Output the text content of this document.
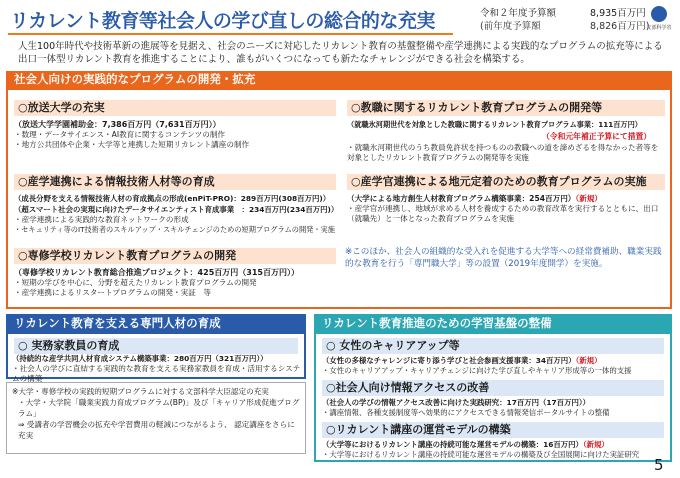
リカレント教育等社会人の学び直しの総合的な充実	令和２年度予算額	8,935百万円
(前年度予算額	8,826百万円)
文部科学省
人生100年時代や技術革新の進展等を見据え、社会のニーズに対応したリカレント教育の基盤整備や産学連携による実践的なプログラムの拡充等による出口一体型リカレント教育を推進することにより、誰もがいくつになっても新たなチャレンジができる社会を構築する。
社会人向けの実践的なプログラムの開発・拡充
○放送大学の充実
（放送大学学園補助金：7,386百万円（7,631百万円））
・数理・データサイエンス・AI教育に関するコンテンツの制作
・地方公共団体や企業・大学等と連携した短期リカレント講座の制作
○産学連携による情報技術人材等の育成
（成長分野を支える情報技術人材の育成拠点の形成(enPiT-PRO)：289百万円(308百万円)）
（超スマート社会の実現に向けたデータサイエンティスト育成事業　：234百万円(234百万円)）
・産学連携による実践的な教育ネットワークの形成
・セキュリティ等のIT技術者のスキルアップ・スキルチェンジのための短期プログラムの開発・実施
○専修学校リカレント教育プログラムの開発
（専修学校リカレント教育総合推進プロジェクト：425百万円（315百万円））
・短期の学びを中心に、分野を超えたリカレント教育プログラムの開発
・産学連携によるリスタートプログラムの開発・実証　等
○教職に関するリカレント教育プログラムの開発等
（就職氷河期世代を対象とした教職に関するリカレント教育プログラム事業：111百万円）
・就職氷河期世代のうち教員免許状を持つものの教職への道を諦めざるを得なかった者等を対象としたリカレント教育プログラムの開発等を実施
（令和元年補正予算にて措置）
○産学官連携による地元定着のための教育プログラムの実施
（大学による地方創生人材教育プログラム構築事業：254百万円）（新規）
・産学官が連携し、地域が求める人材を養成するための教育改革を実行するとともに、出口（就職先）と一体となった教育プログラムを実施
※このほか、社会人の組織的な受入れを促進する大学等への経常費補助、職業実践的な教育を行う「専門職大学」等の設置（2019年度開学）を実施。
リカレント教育を支える専門人材の育成
○ 実務家教員の育成
（持続的な産学共同人材育成システム構築事業：280百万円（321百万円））
・社会人の学びに直結する実践的な教育を支える実務家教員を育成・活用するシステムの構築
※大学・専修学校の実践的短期プログラムに対する文部科学大臣認定の充実
・大学・大学院「職業実践力育成プログラム(BP)」及び「キャリア形成促進プログラム」
⇒ 受講者の学習機会の拡充や学習費用の軽減につながるよう、 認定講座をさらに充実
リカレント教育推進のための学習基盤の整備
○ 女性のキャリアアップ等
（女性の多様なチャレンジに寄り添う学びと社会参画支援事業：34百万円）（新規）
・女性のキャリアアップ・キャリアチェンジに向けた学び直しやキャリア形成等の一体的支援
○社会人向け情報アクセスの改善
（社会人の学びの情報アクセス改善に向けた実践研究：17百万円（17百万円））
・講座情報、各種支援制度等へ効果的にアクセスできる情報発信ポータルサイトの整備
○リカレント講座の運営モデルの構築
（大学等におけるリカレント講座の持続可能な運営モデルの構築：16百万円）（新規）
・大学等におけるリカレント講座の持続可能な運営モデルの構築及び全国展開に向けた実証研究
5
